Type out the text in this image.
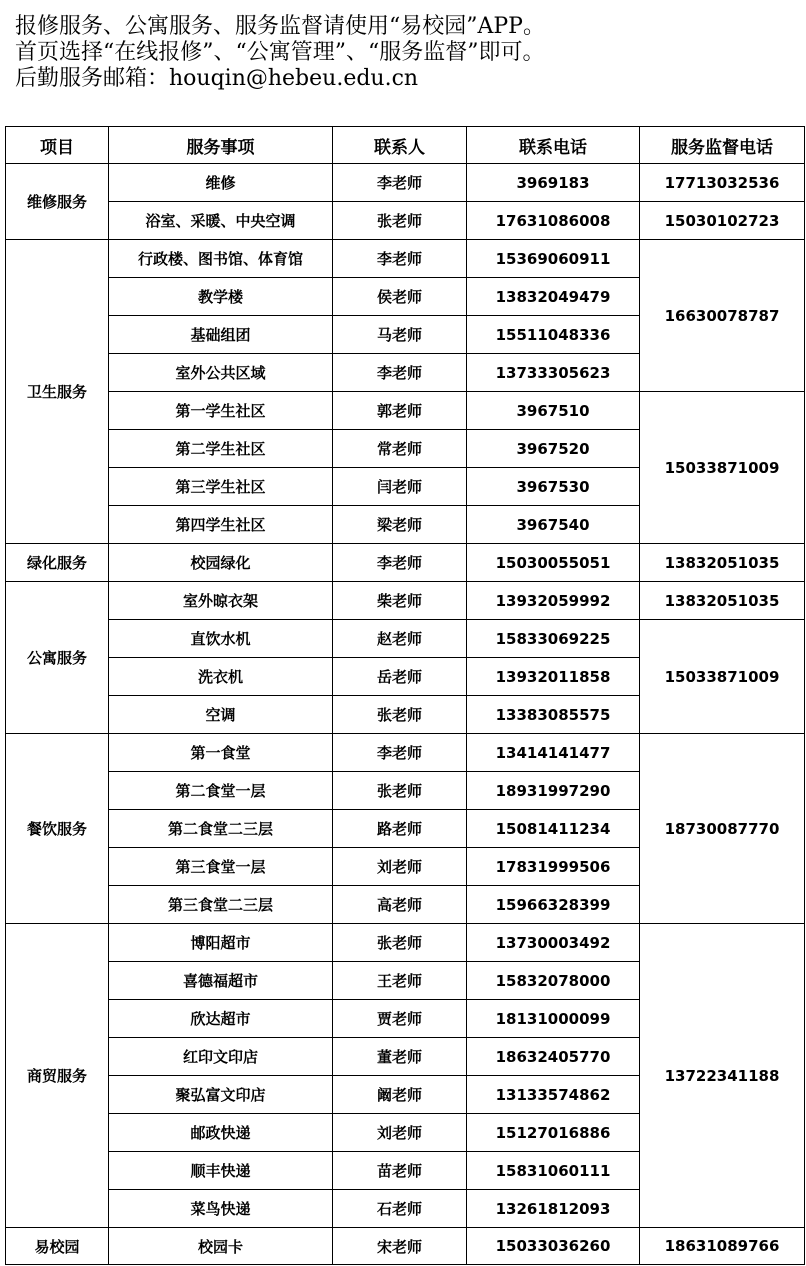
报修服务、公寓服务、服务监督请使用“易校园”APP。
首页选择“在线报修”、“公寓管理”、“服务监督”即可。
后勤服务邮箱：houqin@hebeu.edu.cn
项目	服务事项	联系人	联系电话	服务监督电话
维修服务	维修	李老师	3969183	17713032536
	浴室、采暖、中央空调	张老师	17631086008	15030102723
卫生服务	行政楼、图书馆、体育馆	李老师	15369060911	16630078787
	教学楼	侯老师	13832049479	
	基础组团	马老师	15511048336	
	室外公共区域	李老师	13733305623	
	第一学生社区	郭老师	3967510	15033871009
	第二学生社区	常老师	3967520	
	第三学生社区	闫老师	3967530	
	第四学生社区	梁老师	3967540	
绿化服务	校园绿化	李老师	15030055051	13832051035
公寓服务	室外晾衣架	柴老师	13932059992	13832051035
	直饮水机	赵老师	15833069225	15033871009
	洗衣机	岳老师	13932011858	
	空调	张老师	13383085575	
餐饮服务	第一食堂	李老师	13414141477	18730087770
	第二食堂一层	张老师	18931997290	
	第二食堂二三层	路老师	15081411234	
	第三食堂一层	刘老师	17831999506	
	第三食堂二三层	高老师	15966328399	
商贸服务	博阳超市	张老师	13730003492	13722341188
	喜德福超市	王老师	15832078000	
	欣达超市	贾老师	18131000099	
	红印文印店	董老师	18632405770	
	聚弘富文印店	阚老师	13133574862	
	邮政快递	刘老师	15127016886	
	顺丰快递	苗老师	15831060111	
	菜鸟快递	石老师	13261812093	
易校园	校园卡	宋老师	15033036260	18631089766
